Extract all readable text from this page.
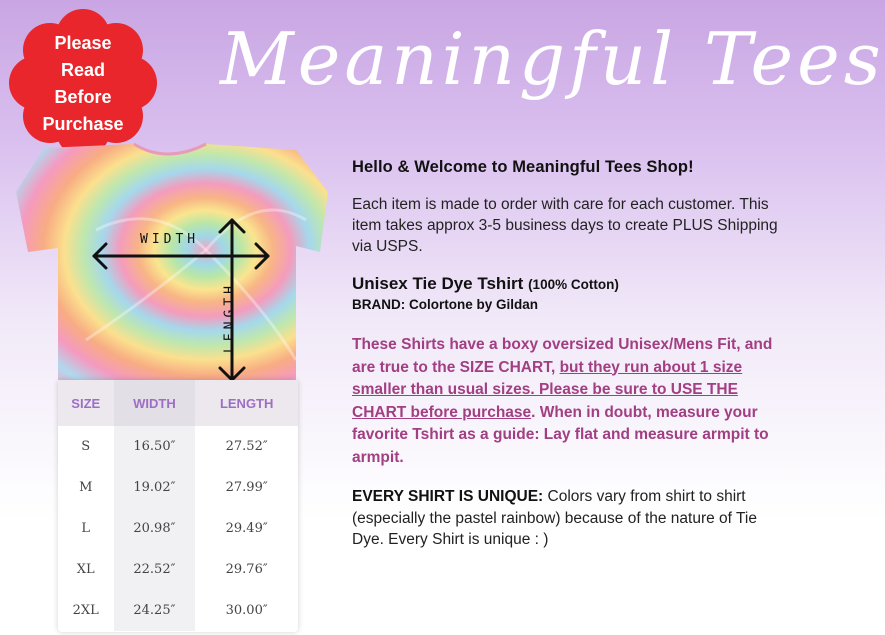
Meaningful Tees
Please
Read
Before
Purchase
WIDTH
LENGTH
SIZE	WIDTH	LENGTH
S	16.50″	27.52″
M	19.02″	27.99″
L	20.98″	29.49″
XL	22.52″	29.76″
2XL	24.25″	30.00″
Hello & Welcome to Meaningful Tees Shop!

Each item is made to order with care for each customer. This item takes approx 3-5 business days to create PLUS Shipping via USPS.

Unisex Tie Dye Tshirt (100% Cotton)
BRAND: Colortone by Gildan

These Shirts have a boxy oversized Unisex/Mens Fit, and are true to the SIZE CHART, but they run about 1 size smaller than usual sizes. Please be sure to USE THE CHART before purchase. When in doubt, measure your favorite Tshirt as a guide: Lay flat and measure armpit to armpit.

EVERY SHIRT IS UNIQUE: Colors vary from shirt to shirt (especially the pastel rainbow) because of the nature of Tie Dye. Every Shirt is unique : )
